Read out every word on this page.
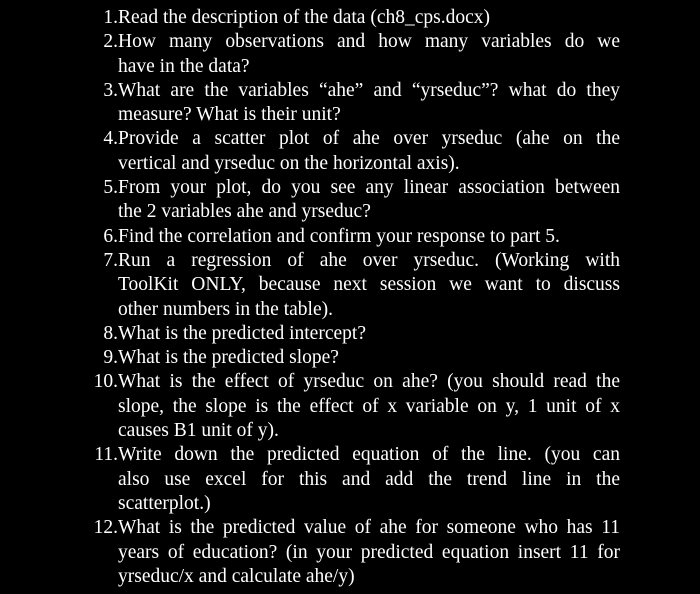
1. Read the description of the data (ch8_cps.docx)
2. How many observations and how many variables do we
have in the data?
3. What are the variables “ahe” and “yrseduc”? what do they
measure? What is their unit?
4. Provide a scatter plot of ahe over yrseduc (ahe on the
vertical and yrseduc on the horizontal axis).
5. From your plot, do you see any linear association between
the 2 variables ahe and yrseduc?
6. Find the correlation and confirm your response to part 5.
7. Run a regression of ahe over yrseduc. (Working with
ToolKit ONLY, because next session we want to discuss
other numbers in the table).
8. What is the predicted intercept?
9. What is the predicted slope?
10. What is the effect of yrseduc on ahe? (you should read the
slope, the slope is the effect of x variable on y, 1 unit of x
causes B1 unit of y).
11. Write down the predicted equation of the line. (you can
also use excel for this and add the trend line in the
scatterplot.)
12. What is the predicted value of ahe for someone who has 11
years of education? (in your predicted equation insert 11 for
yrseduc/x and calculate ahe/y)
